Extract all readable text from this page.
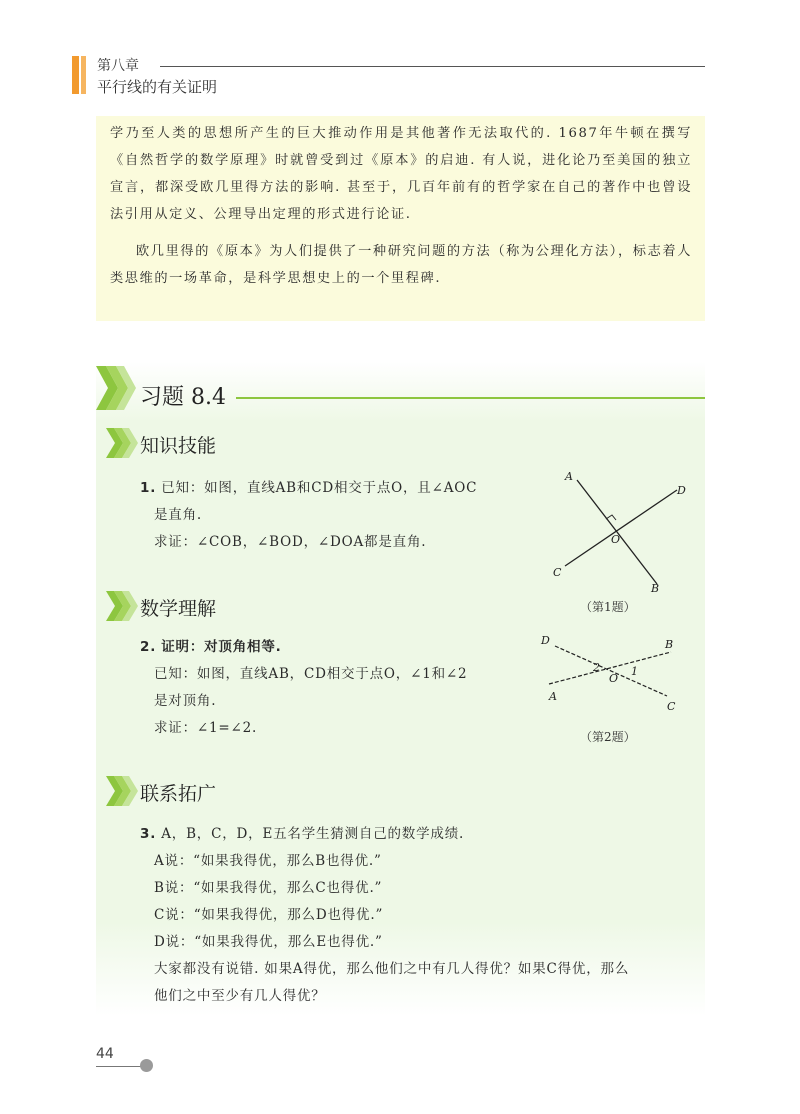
第八章
平行线的有关证明

学乃至人类的思想所产生的巨大推动作用是其他著作无法取代的. 1687年牛顿在撰写《自然哲学的数学原理》时就曾受到过《原本》的启迪. 有人说，进化论乃至美国的独立宣言，都深受欧几里得方法的影响. 甚至于，几百年前有的哲学家在自己的著作中也曾设法引用从定义、公理导出定理的形式进行论证.

欧几里得的《原本》为人们提供了一种研究问题的方法（称为公理化方法），标志着人类思维的一场革命，是科学思想史上的一个里程碑.

习题 8.4
知识技能
1. 已知：如图，直线AB和CD相交于点O，且∠AOC
是直角.
求证：∠COB，∠BOD，∠DOA都是直角.
A
D
C
B
O
（第1题）
数学理解
2. 证明：对顶角相等.
已知：如图，直线AB，CD相交于点O，∠1和∠2
是对顶角.
求证：∠1=∠2.
D	B
A
C
O
2	1
（第2题）
联系拓广
3. A，B，C，D，E五名学生猜测自己的数学成绩.
A说：“如果我得优，那么B也得优.”
B说：“如果我得优，那么C也得优.”
C说：“如果我得优，那么D也得优.”
D说：“如果我得优，那么E也得优.”
大家都没有说错. 如果A得优，那么他们之中有几人得优？如果C得优，那么
他们之中至少有几人得优？
44
